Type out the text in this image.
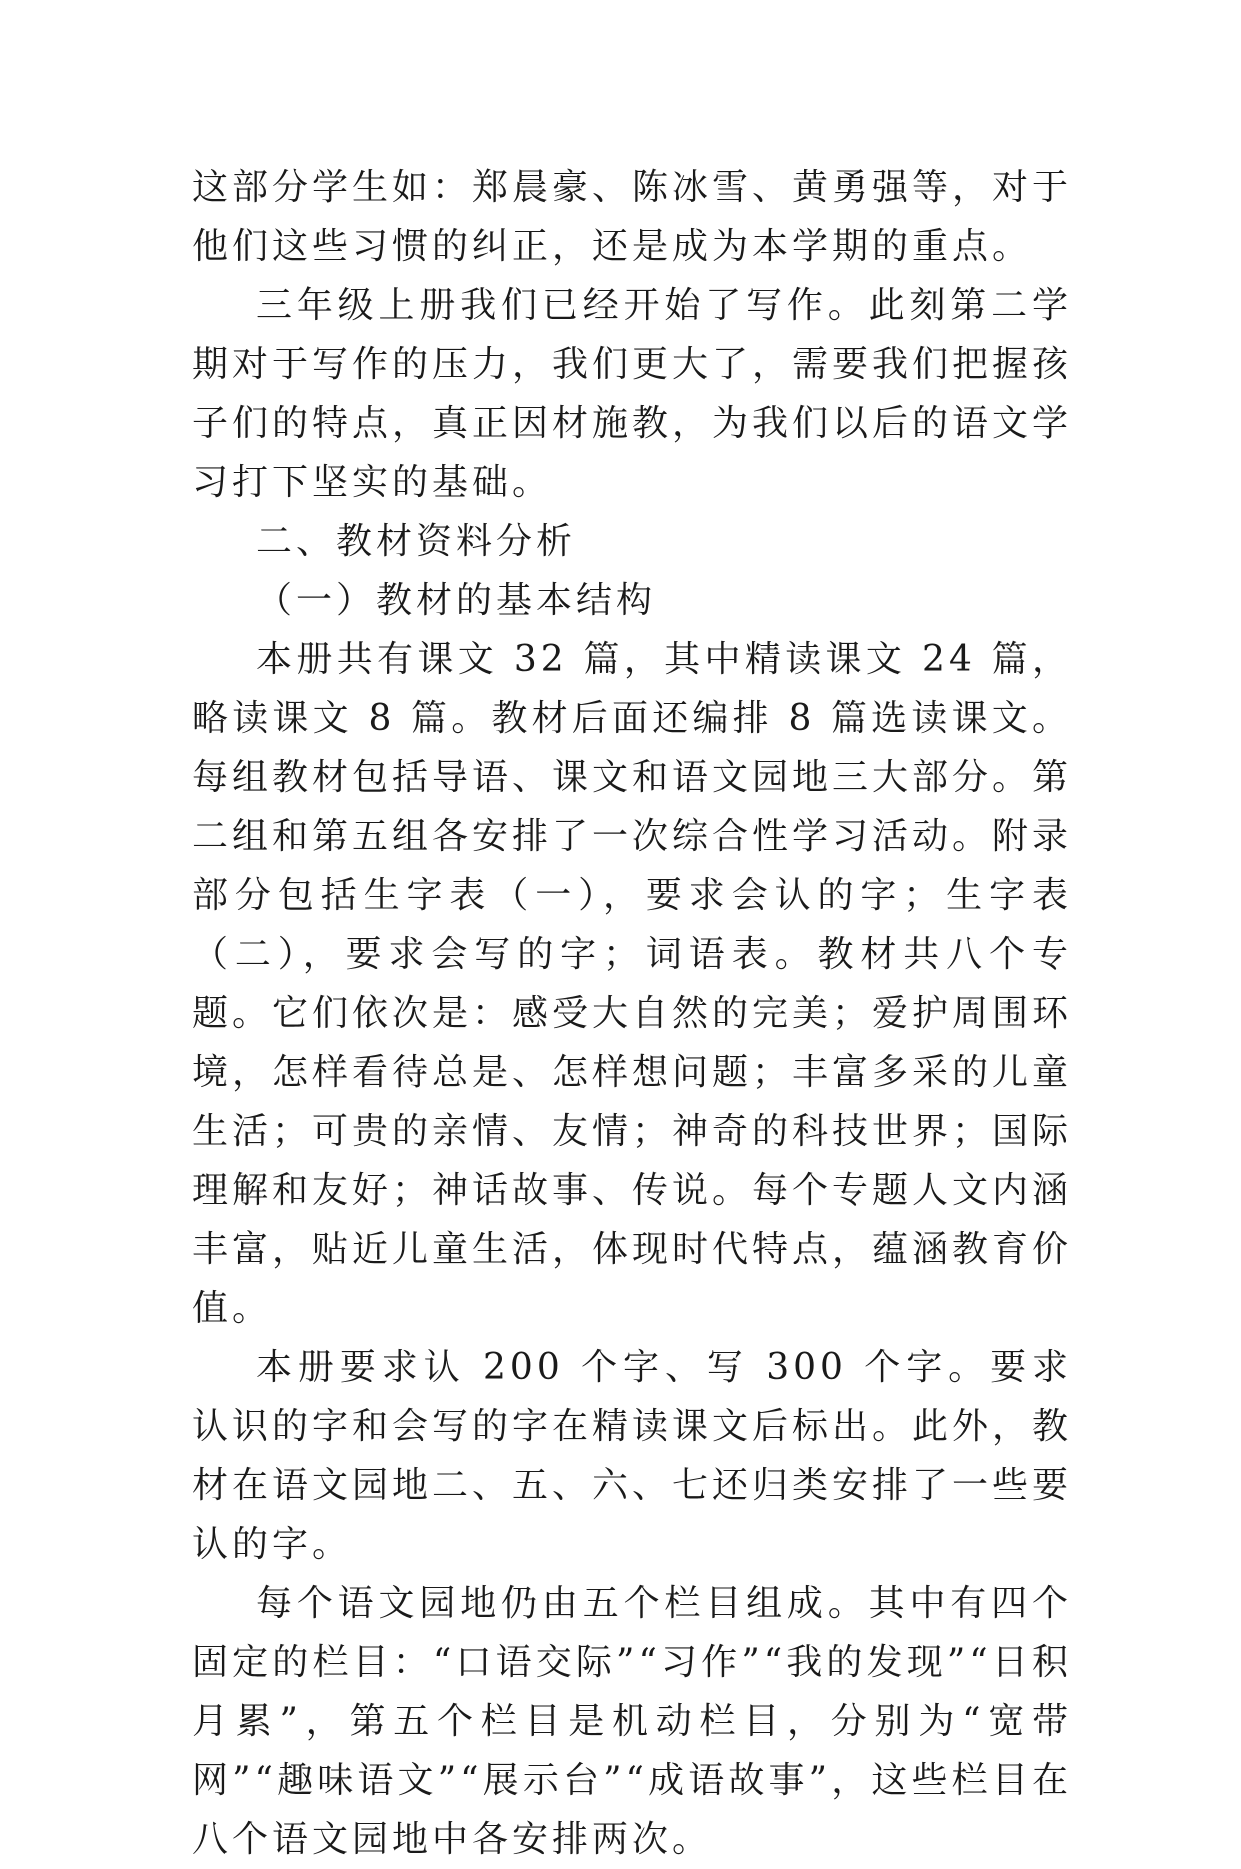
这部分学生如：郑晨豪、陈冰雪、黄勇强等，对于他们这些习惯的纠正，还是成为本学期的重点。

三年级上册我们已经开始了写作。此刻第二学期对于写作的压力，我们更大了，需要我们把握孩子们的特点，真正因材施教，为我们以后的语文学习打下坚实的基础。

二、教材资料分析

（一）教材的基本结构

本册共有课文 32 篇，其中精读课文 24 篇，略读课文 8 篇。教材后面还编排 8 篇选读课文。每组教材包括导语、课文和语文园地三大部分。第二组和第五组各安排了一次综合性学习活动。附录部分包括生字表（一），要求会认的字；生字表（二），要求会写的字；词语表。教材共八个专题。它们依次是：感受大自然的完美；爱护周围环境，怎样看待总是、怎样想问题；丰富多采的儿童生活；可贵的亲情、友情；神奇的科技世界；国际理解和友好；神话故事、传说。每个专题人文内涵丰富，贴近儿童生活，体现时代特点，蕴涵教育价值。

本册要求认 200 个字、写 300 个字。要求认识的字和会写的字在精读课文后标出。此外，教材在语文园地二、五、六、七还归类安排了一些要认的字。

每个语文园地仍由五个栏目组成。其中有四个固定的栏目：“口语交际”“习作”“我的发现”“日积月累”，第五个栏目是机动栏目，分别为“宽带网”“趣味语文”“展示台”“成语故事”，这些栏目在八个语文园地中各安排两次。
